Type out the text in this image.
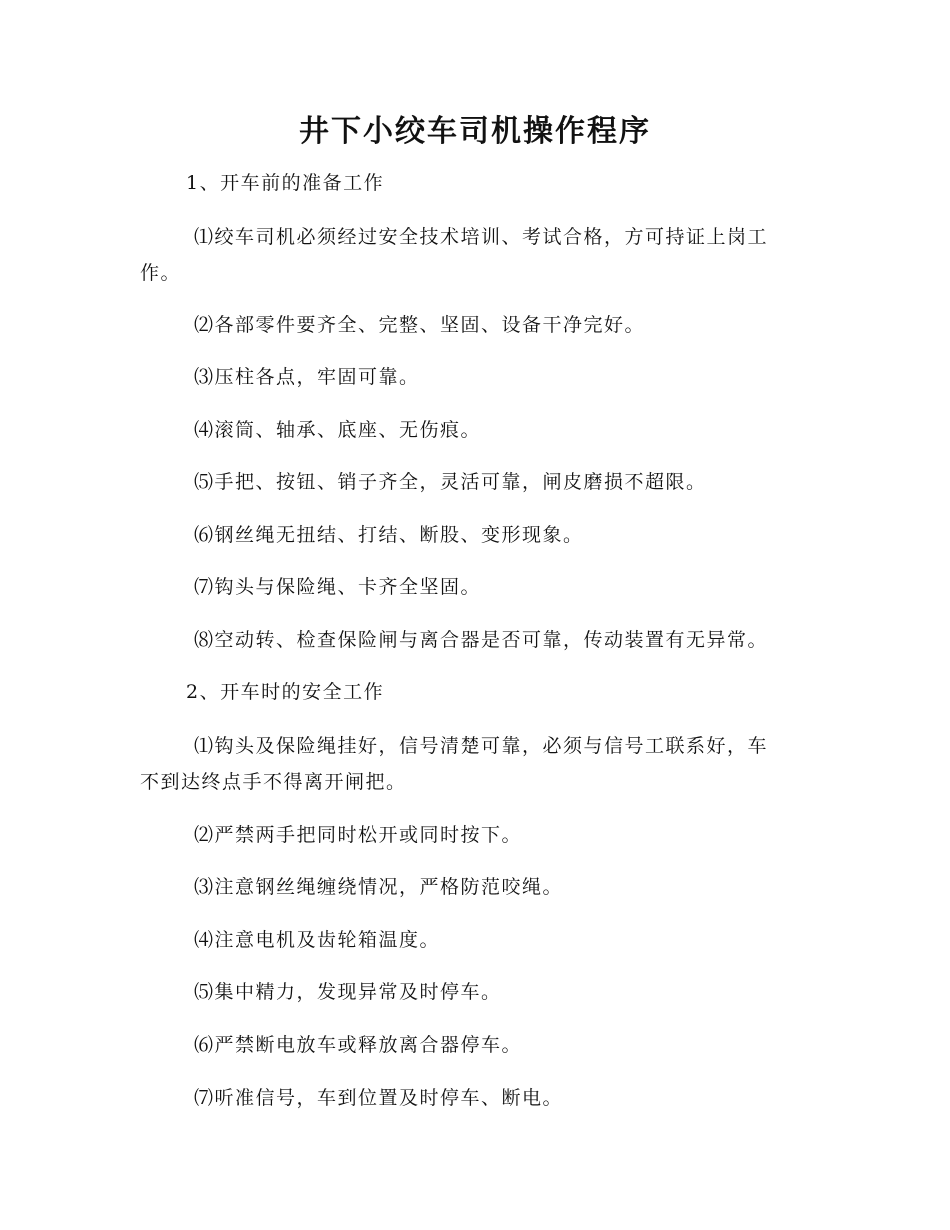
井下小绞车司机操作程序
1、开车前的准备工作
⑴绞车司机必须经过安全技术培训、考试合格，方可持证上岗工
作。
⑵各部零件要齐全、完整、坚固、设备干净完好。
⑶压柱各点，牢固可靠。
⑷滚筒、轴承、底座、无伤痕。
⑸手把、按钮、销子齐全，灵活可靠，闸皮磨损不超限。
⑹钢丝绳无扭结、打结、断股、变形现象。
⑺钩头与保险绳、卡齐全坚固。
⑻空动转、检查保险闸与离合器是否可靠，传动装置有无异常。
2、开车时的安全工作
⑴钩头及保险绳挂好，信号清楚可靠，必须与信号工联系好，车
不到达终点手不得离开闸把。
⑵严禁两手把同时松开或同时按下。
⑶注意钢丝绳缠绕情况，严格防范咬绳。
⑷注意电机及齿轮箱温度。
⑸集中精力，发现异常及时停车。
⑹严禁断电放车或释放离合器停车。
⑺听准信号，车到位置及时停车、断电。
